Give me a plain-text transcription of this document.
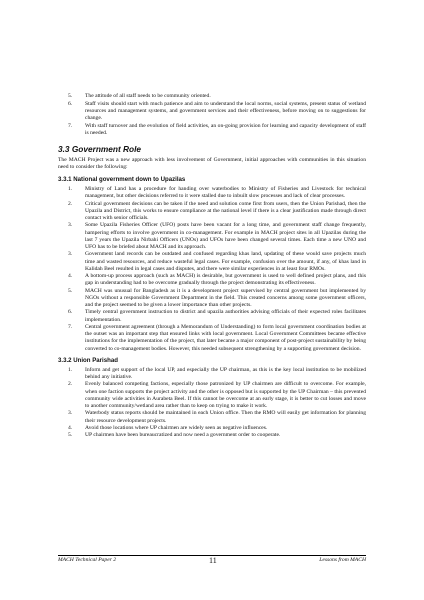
5. The attitude of all staff needs to be community oriented.
6. Staff visits should start with much patience and aim to understand the local norms, social systems, present status of wetland resources and management systems, and government services and their effectiveness, before moving on to suggestions for change.
7. With staff turnover and the evolution of field activities, an on-going provision for learning and capacity development of staff is needed.
3.3 Government Role

The MACH Project was a new approach with less involvement of Government, initial approaches with communities in this situation need to consider the following:

3.3.1 National government down to Upazilas
1. Ministry of Land has a procedure for handing over waterbodies to Ministry of Fisheries and Livestock for technical management, but other decisions referred to it were stalled due to inbuilt slow processes and lack of clear processes.
2. Critical government decisions can be taken if the need and solution come first from users, then the Union Parishad, then the Upazila and District, this works to ensure compliance at the national level if there is a clear justification made through direct contact with senior officials.
3. Some Upazila Fisheries Officer (UFO) posts have been vacant for a long time, and government staff change frequently, hampering efforts to involve government in co-management. For example in MACH project sites in all Upazilas during the last 7 years the Upazila Nirbahi Officers (UNOs) and UFOs have been changed several times. Each time a new UNO and UFO has to be briefed about MACH and its approach.
3. Government land records can be outdated and confused regarding khas land, updating of these would save projects much time and wasted resources, and reduce wasteful legal cases. For example, confusion over the amount, if any, of khas land in Kalidah Beel resulted in legal cases and disputes, and there were similar experiences in at least four RMOs.
4. A bottom-up process approach (such as MACH) is desirable, but government is used to well defined project plans, and this gap in understanding had to be overcome gradually through the project demonstrating its effectiveness.
5. MACH was unusual for Bangladesh as it is a development project supervised by central government but implemented by NGOs without a responsible Government Department in the field. This created concerns among some government officers, and the project seemed to be given a lower importance than other projects.
6. Timely central government instruction to district and upazila authorities advising officials of their expected roles facilitates implementation.
7. Central government agreement (through a Memorandum of Understanding) to form local government coordination bodies at the outset was an important step that ensured links with local government. Local Government Committees became effective institutions for the implementation of the project, that later became a major component of post-project sustainability by being converted to co-management bodies. However, this needed subsequent strengthening by a supporting government decision.
3.3.2 Union Parishad
1. Inform and get support of the local UP, and especially the UP chairman, as this is the key local institution to be mobilized behind any initiative.
2. Evenly balanced competing factions, especially those patronized by UP chairmen are difficult to overcome. For example, when one faction supports the project activity and the other is opposed but is supported by the UP Chairman – this prevented community wide activities in Aurabeta Beel. If this cannot be overcome at an early stage, it is better to cut losses and move to another community/wetland area rather than to keep on trying to make it work.
3. Waterbody status reports should be maintained in each Union office. Then the RMO will easily get information for planning their resource development projects.
4. Avoid those locations where UP chairmen are widely seen as negative influences.
5. UP chairmen have been bureaucratized and now need a government order to cooperate.
MACH Technical Paper 2	11	Lessons from MACH
